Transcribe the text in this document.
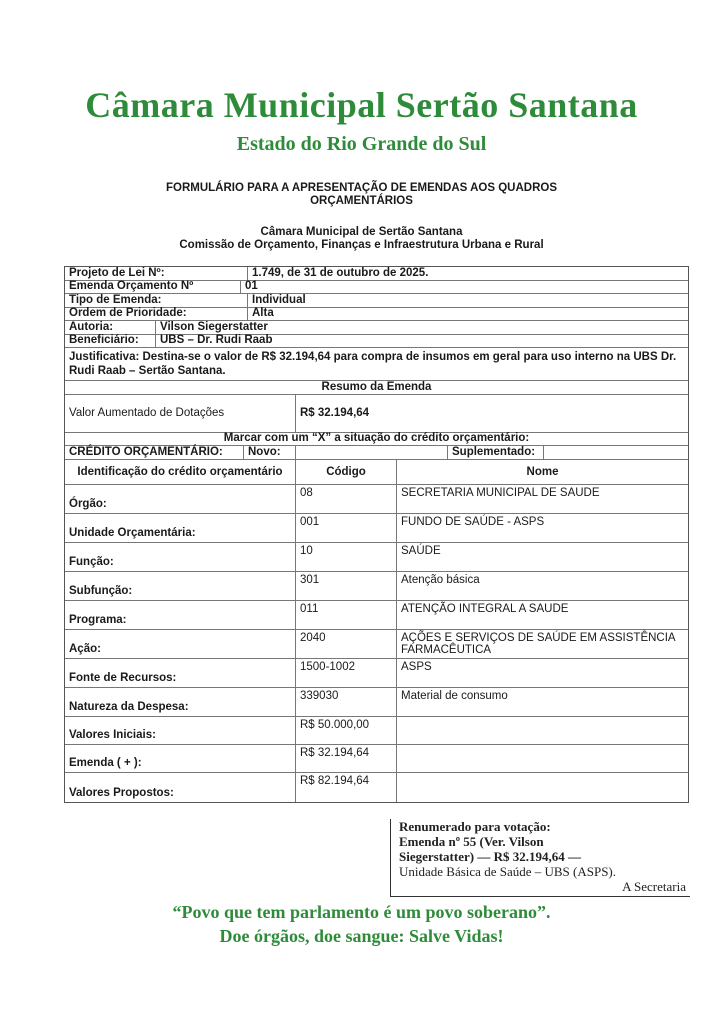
Câmara Municipal Sertão Santana
Estado do Rio Grande do Sul
FORMULÁRIO PARA A APRESENTAÇÃO DE EMENDAS AOS QUADROS
ORÇAMENTÁRIOS
Câmara Municipal de Sertão Santana
Comissão de Orçamento, Finanças e Infraestrutura Urbana e Rural
Projeto de Lei Nº:	1.749, de 31 de outubro de 2025.
Emenda Orçamento Nº	01
Tipo de Emenda:	Individual
Ordem de Prioridade:	Alta
Autoria:	Vilson Siegerstatter
Beneficiário:	UBS – Dr. Rudi Raab
Justificativa: Destina-se o valor de R$ 32.194,64 para compra de insumos em geral para uso interno na UBS Dr. Rudi Raab – Sertão Santana.
Resumo da Emenda
Valor Aumentado de Dotações	R$ 32.194,64
Marcar com um “X” a situação do crédito orçamentário:
CRÉDITO ORÇAMENTÁRIO:	Novo:	Suplementado:
Identificação do crédito orçamentário	Código	Nome
Órgão:
08	SECRETARIA MUNICIPAL DE SAUDE
Unidade Orçamentária:
001	FUNDO DE SAÚDE - ASPS
Função:
10	SAÚDE
Subfunção:
301	Atenção básica
Programa:
011	ATENÇÃO INTEGRAL A SAUDE
Ação:
2040	AÇÕES E SERVIÇOS DE SAÚDE EM ASSISTÊNCIA FARMACÊUTICA
Fonte de Recursos:
1500-1002	ASPS
Natureza da Despesa:
339030	Material de consumo
Valores Iniciais:
R$ 50.000,00
Emenda ( + ):
R$ 32.194,64
Valores Propostos:
R$ 82.194,64
Renumerado para votação:
Emenda nº 55 (Ver. Vilson
Siegerstatter) — R$ 32.194,64 —
Unidade Básica de Saúde – UBS (ASPS).
A Secretaria
“Povo que tem parlamento é um povo soberano”.
Doe órgãos, doe sangue: Salve Vidas!
